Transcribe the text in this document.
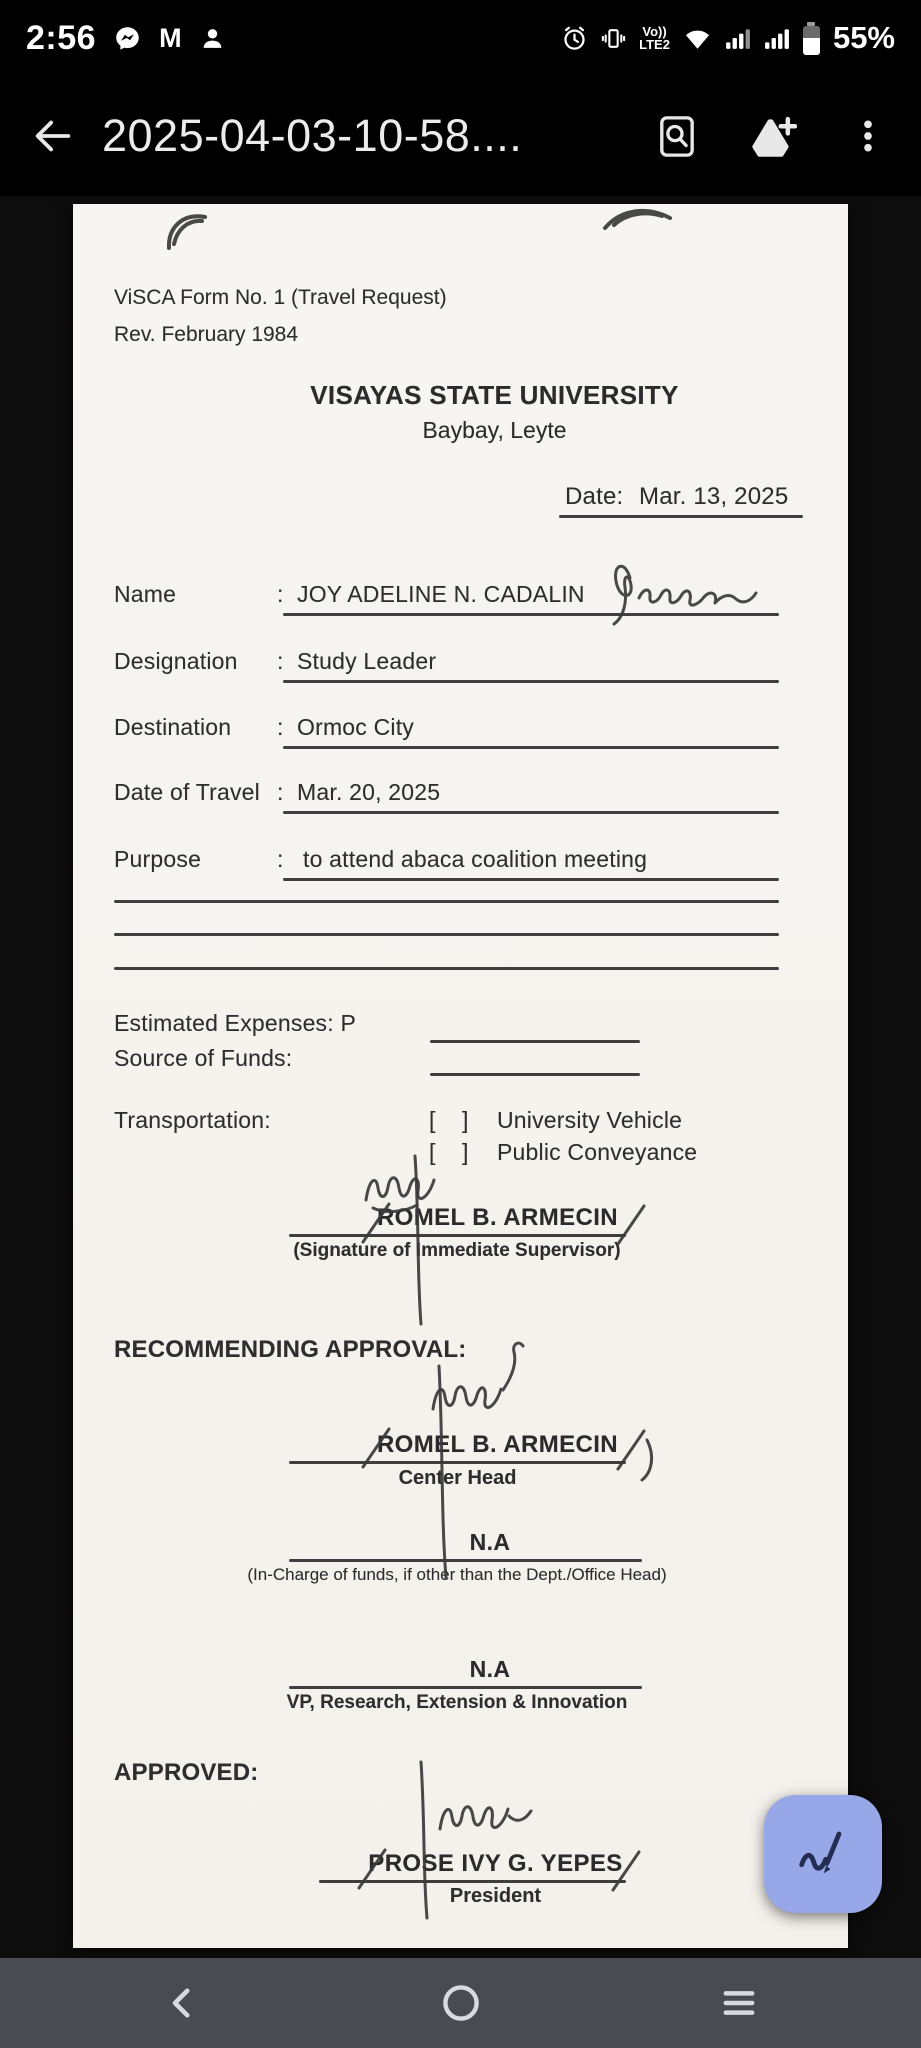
2:56 M	Vo))
LTE2	55%
2025-04-03-10-58....
ViSCA Form No. 1 (Travel Request)
Rev. February 1984
VISAYAS STATE UNIVERSITY
Baybay, Leyte
Date: Mar. 13, 2025
Name	: JOY ADELINE N. CADALIN
Designation : Study Leader
Destination : Ormoc City
Date of Travel : Mar. 20, 2025
Purpose	: to attend abaca coalition meeting
Estimated Expenses: P
Source of Funds:
Transportation:	[    ] University Vehicle
[    ] Public Conveyance
ROMEL B. ARMECIN
(Signature of Immediate Supervisor)
RECOMMENDING APPROVAL:
ROMEL B. ARMECIN
Center Head
N.A
(In-Charge of funds, if other than the Dept./Office Head)
N.A
VP, Research, Extension & Innovation
APPROVED:
PROSE IVY G. YEPES
President
